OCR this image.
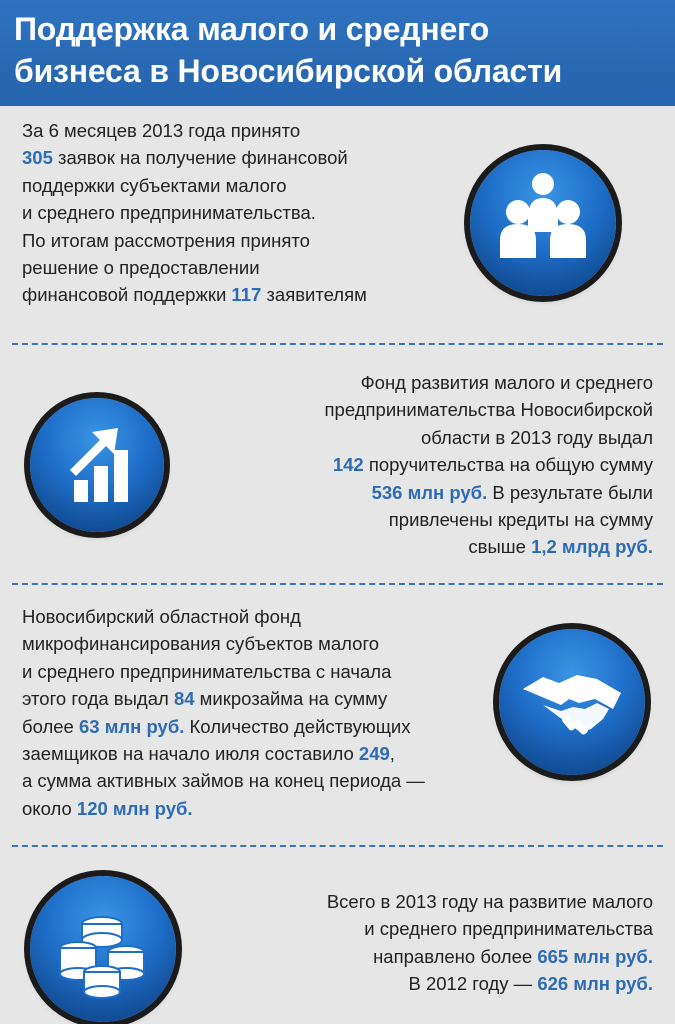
Поддержка малого и среднего
бизнеса в Новосибирской области
За 6 месяцев 2013 года принято
305 заявок на получение финансовой
поддержки субъектами малого
и среднего предпринимательства.
По итогам рассмотрения принято
решение о предоставлении
финансовой поддержки 117 заявителям
Фонд развития малого и среднего
предпринимательства Новосибирской
области в 2013 году выдал
142 поручительства на общую сумму
536 млн руб. В результате были
привлечены кредиты на сумму
свыше 1,2 млрд руб.
Новосибирский областной фонд
микрофинансирования субъектов малого
и среднего предпринимательства с начала
этого года выдал 84 микрозайма на сумму
более 63 млн руб. Количество действующих
заемщиков на начало июля составило 249,
а сумма активных займов на конец периода —
около 120 млн руб.
Всего в 2013 году на развитие малого
и среднего предпринимательства
направлено более 665 млн руб.
В 2012 году — 626 млн руб.
